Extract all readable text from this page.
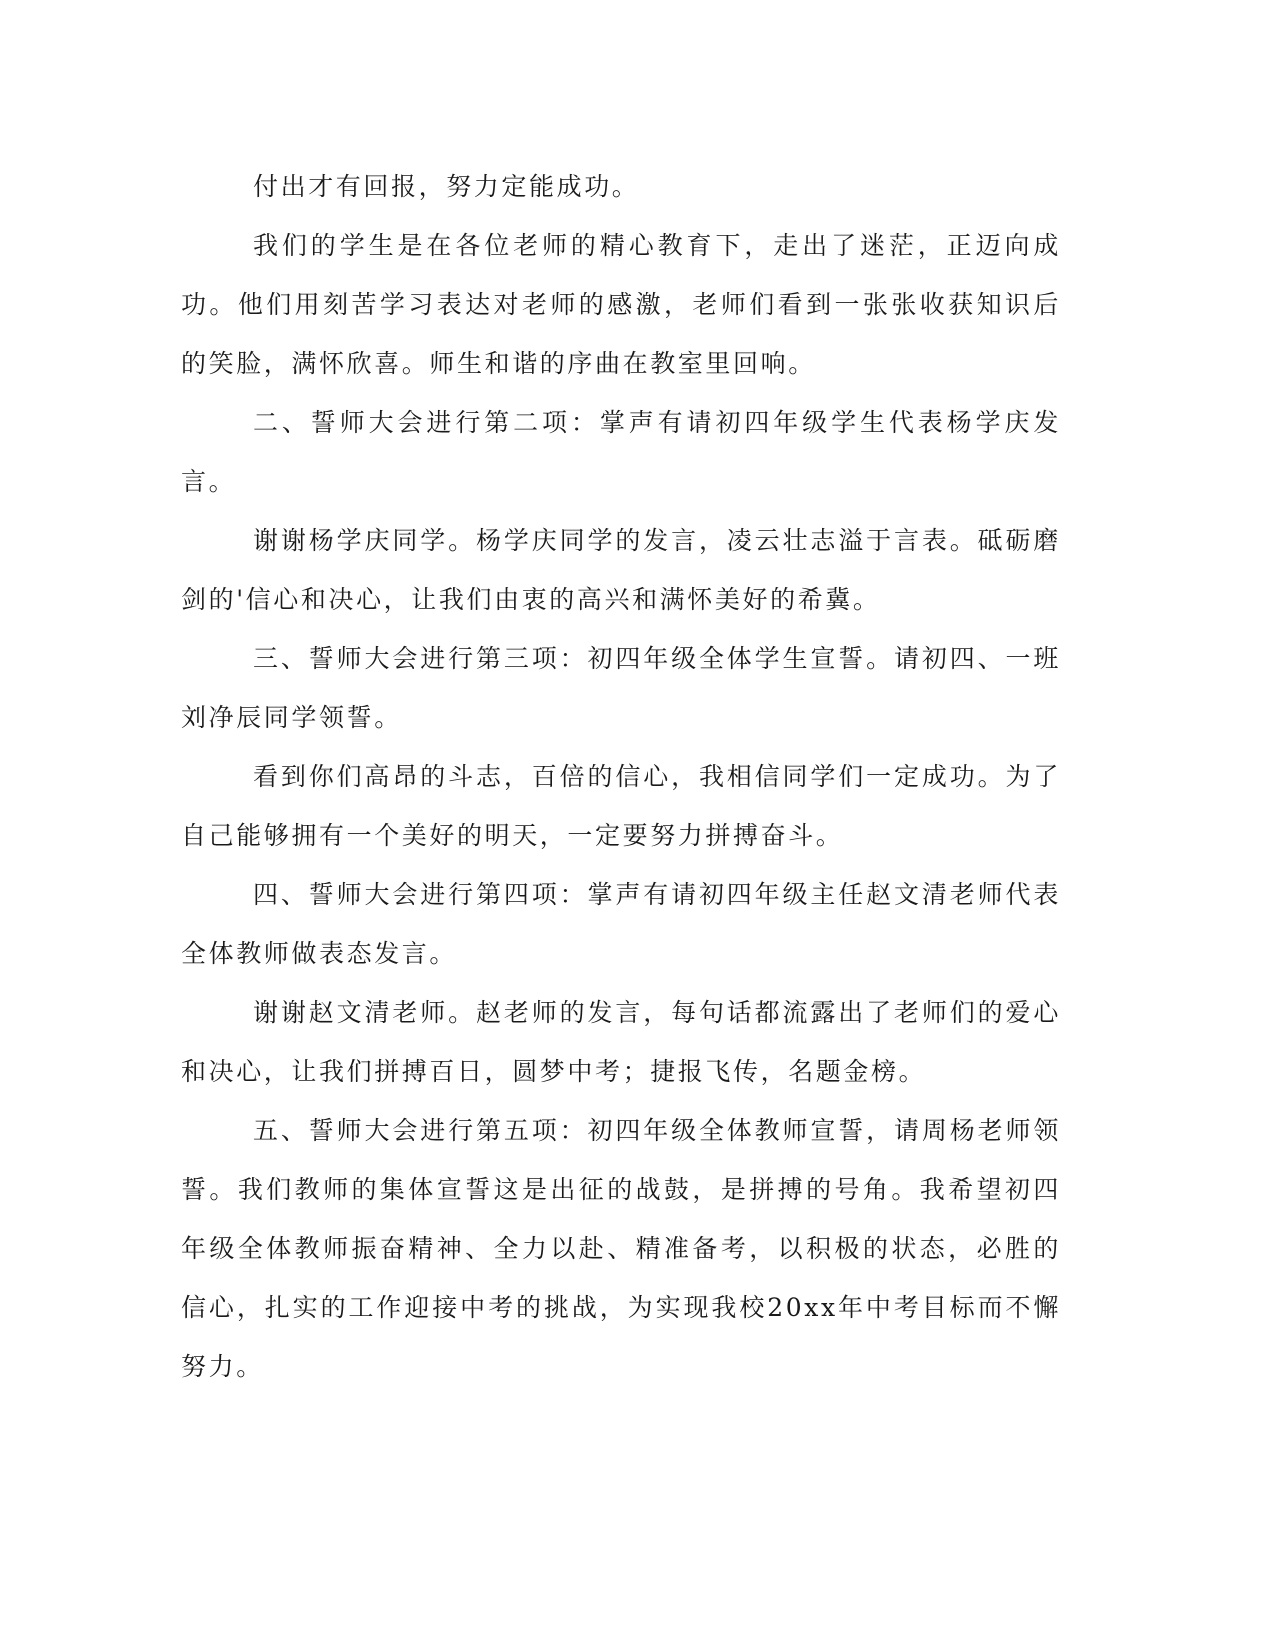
付出才有回报，努力定能成功。

我们的学生是在各位老师的精心教育下，走出了迷茫，正迈向成功。他们用刻苦学习表达对老师的感激，老师们看到一张张收获知识后的笑脸，满怀欣喜。师生和谐的序曲在教室里回响。

二、誓师大会进行第二项：掌声有请初四年级学生代表杨学庆发言。

谢谢杨学庆同学。杨学庆同学的发言，凌云壮志溢于言表。砥砺磨剑的'信心和决心，让我们由衷的高兴和满怀美好的希冀。

三、誓师大会进行第三项：初四年级全体学生宣誓。请初四、一班刘净辰同学领誓。

看到你们高昂的斗志，百倍的信心，我相信同学们一定成功。为了自己能够拥有一个美好的明天，一定要努力拼搏奋斗。

四、誓师大会进行第四项：掌声有请初四年级主任赵文清老师代表全体教师做表态发言。

谢谢赵文清老师。赵老师的发言，每句话都流露出了老师们的爱心和决心，让我们拼搏百日，圆梦中考；捷报飞传，名题金榜。

五、誓师大会进行第五项：初四年级全体教师宣誓，请周杨老师领誓。我们教师的集体宣誓这是出征的战鼓，是拼搏的号角。我希望初四年级全体教师振奋精神、全力以赴、精准备考，以积极的状态，必胜的信心，扎实的工作迎接中考的挑战，为实现我校20xx年中考目标而不懈努力。
